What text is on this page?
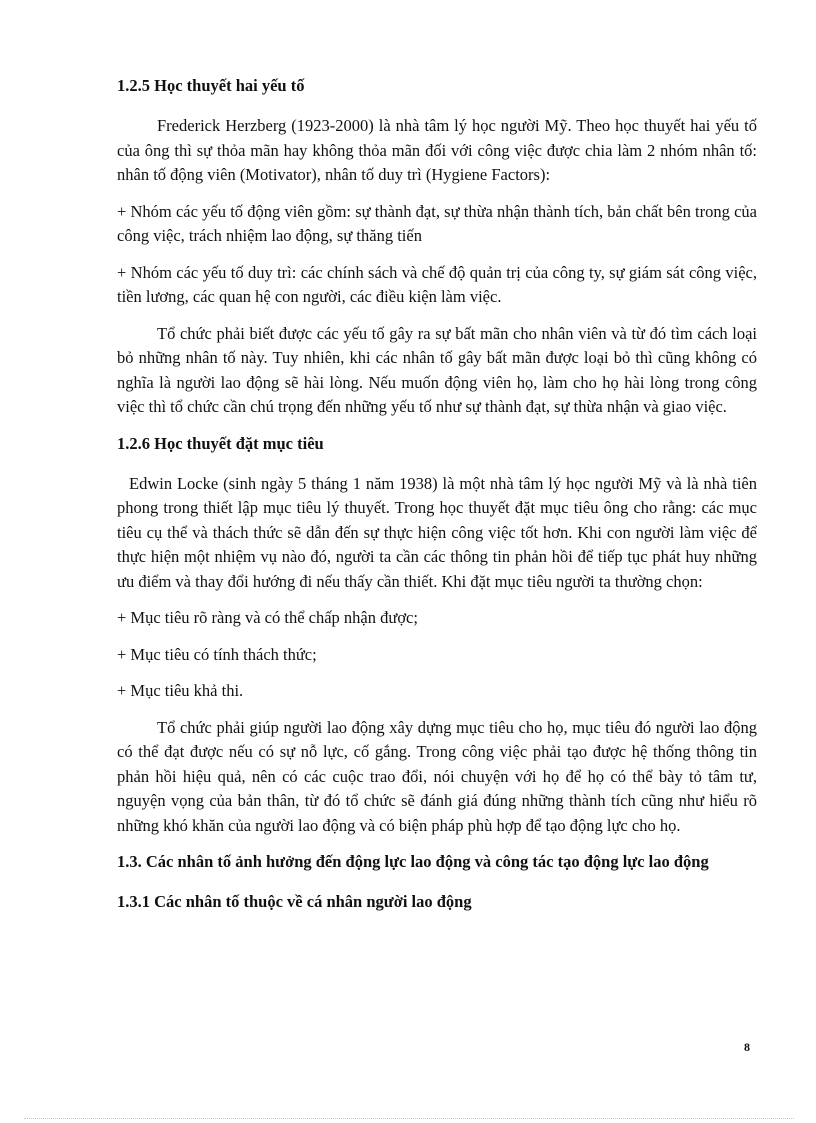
1.2.5 Học thuyết hai yếu tố

Frederick Herzberg (1923-2000) là nhà tâm lý học người Mỹ. Theo học thuyết hai yếu tố của ông thì sự thỏa mãn hay không thỏa mãn đối với công việc được chia làm 2 nhóm nhân tố: nhân tố động viên (Motivator), nhân tố duy trì (Hygiene Factors):

+ Nhóm các yếu tố động viên gồm: sự thành đạt, sự thừa nhận thành tích, bản chất bên trong của công việc, trách nhiệm lao động, sự thăng tiến

+ Nhóm các yếu tố duy trì: các chính sách và chế độ quản trị của công ty, sự giám sát công việc, tiền lương, các quan hệ con người, các điều kiện làm việc.

Tổ chức phải biết được các yếu tố gây ra sự bất mãn cho nhân viên và từ đó tìm cách loại bỏ những nhân tố này. Tuy nhiên, khi các nhân tố gây bất mãn được loại bỏ thì cũng không có nghĩa là người lao động sẽ hài lòng. Nếu muốn động viên họ, làm cho họ hài lòng trong công việc thì tổ chức cần chú trọng đến những yếu tố như sự thành đạt, sự thừa nhận và giao việc.

1.2.6 Học thuyết đặt mục tiêu

Edwin Locke (sinh ngày 5 tháng 1 năm 1938) là một nhà tâm lý học người Mỹ và là nhà tiên phong trong thiết lập mục tiêu lý thuyết. Trong học thuyết đặt mục tiêu ông cho rằng: các mục tiêu cụ thể và thách thức sẽ dẫn đến sự thực hiện công việc tốt hơn. Khi con người làm việc để thực hiện một nhiệm vụ nào đó, người ta cần các thông tin phản hồi để tiếp tục phát huy những ưu điểm và thay đổi hướng đi nếu thấy cần thiết. Khi đặt mục tiêu người ta thường chọn:

+ Mục tiêu rõ ràng và có thể chấp nhận được;

+ Mục tiêu có tính thách thức;

+ Mục tiêu khả thi.

Tổ chức phải giúp người lao động xây dựng mục tiêu cho họ, mục tiêu đó người lao động có thể đạt được nếu có sự nỗ lực, cố gắng. Trong công việc phải tạo được hệ thống thông tin phản hồi hiệu quả, nên có các cuộc trao đổi, nói chuyện với họ để họ có thể bày tỏ tâm tư, nguyện vọng của bản thân, từ đó tổ chức sẽ đánh giá đúng những thành tích cũng như hiểu rõ những khó khăn của người lao động và có biện pháp phù hợp để tạo động lực cho họ.

1.3. Các nhân tố ảnh hưởng đến động lực lao động và công tác tạo động lực lao động
1.3.1 Các nhân tố thuộc về cá nhân người lao động
8
